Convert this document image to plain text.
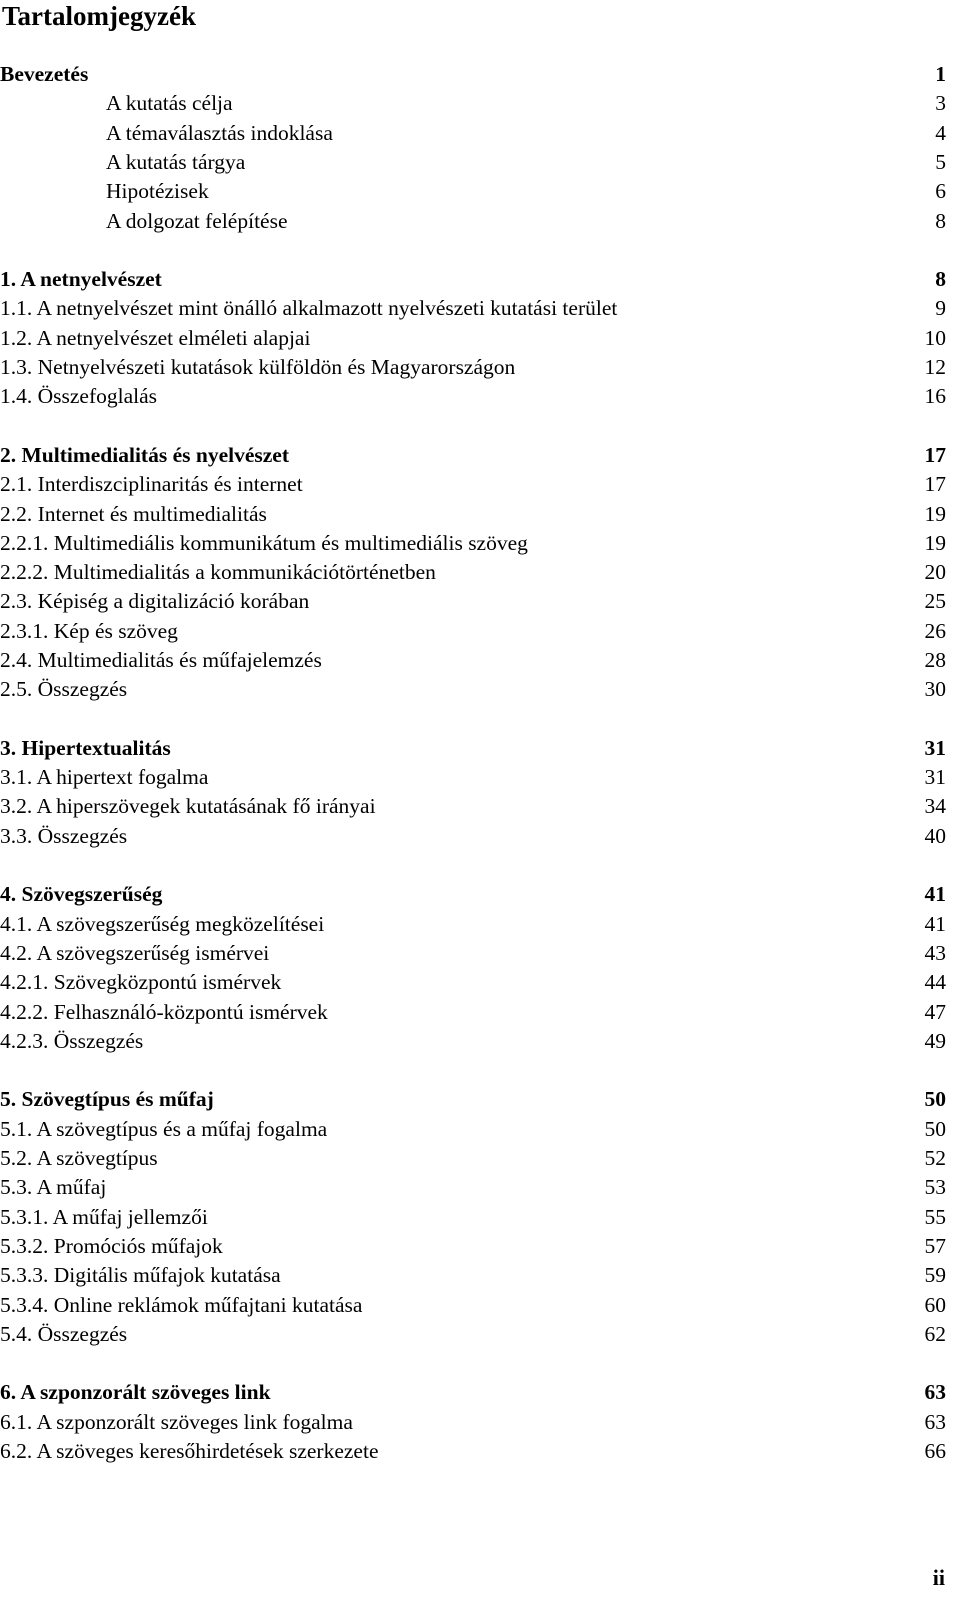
Tartalomjegyzék
Bevezetés	1
A kutatás célja	3
A témaválasztás indoklása	4
A kutatás tárgya	5
Hipotézisek	6
A dolgozat felépítése	8
1. A netnyelvészet	8
1.1. A netnyelvészet mint önálló alkalmazott nyelvészeti kutatási terület	9
1.2. A netnyelvészet elméleti alapjai	10
1.3. Netnyelvészeti kutatások külföldön és Magyarországon	12
1.4. Összefoglalás	16
2. Multimedialitás és nyelvészet	17
2.1. Interdiszciplinaritás és internet	17
2.2. Internet és multimedialitás	19
2.2.1. Multimediális kommunikátum és multimediális szöveg	19
2.2.2. Multimedialitás a kommunikációtörténetben	20
2.3. Képiség a digitalizáció korában	25
2.3.1. Kép és szöveg	26
2.4. Multimedialitás és műfajelemzés	28
2.5. Összegzés	30
3. Hipertextualitás	31
3.1. A hipertext fogalma	31
3.2. A hiperszövegek kutatásának fő irányai	34
3.3. Összegzés	40
4. Szövegszerűség	41
4.1. A szövegszerűség megközelítései	41
4.2. A szövegszerűség ismérvei	43
4.2.1. Szövegközpontú ismérvek	44
4.2.2. Felhasználó-központú ismérvek	47
4.2.3. Összegzés	49
5. Szövegtípus és műfaj	50
5.1. A szövegtípus és a műfaj fogalma	50
5.2. A szövegtípus	52
5.3. A műfaj	53
5.3.1. A műfaj jellemzői	55
5.3.2. Promóciós műfajok	57
5.3.3. Digitális műfajok kutatása	59
5.3.4. Online reklámok műfajtani kutatása	60
5.4. Összegzés	62
6. A szponzorált szöveges link	63
6.1. A szponzorált szöveges link fogalma	63
6.2. A szöveges keresőhirdetések szerkezete	66
ii
